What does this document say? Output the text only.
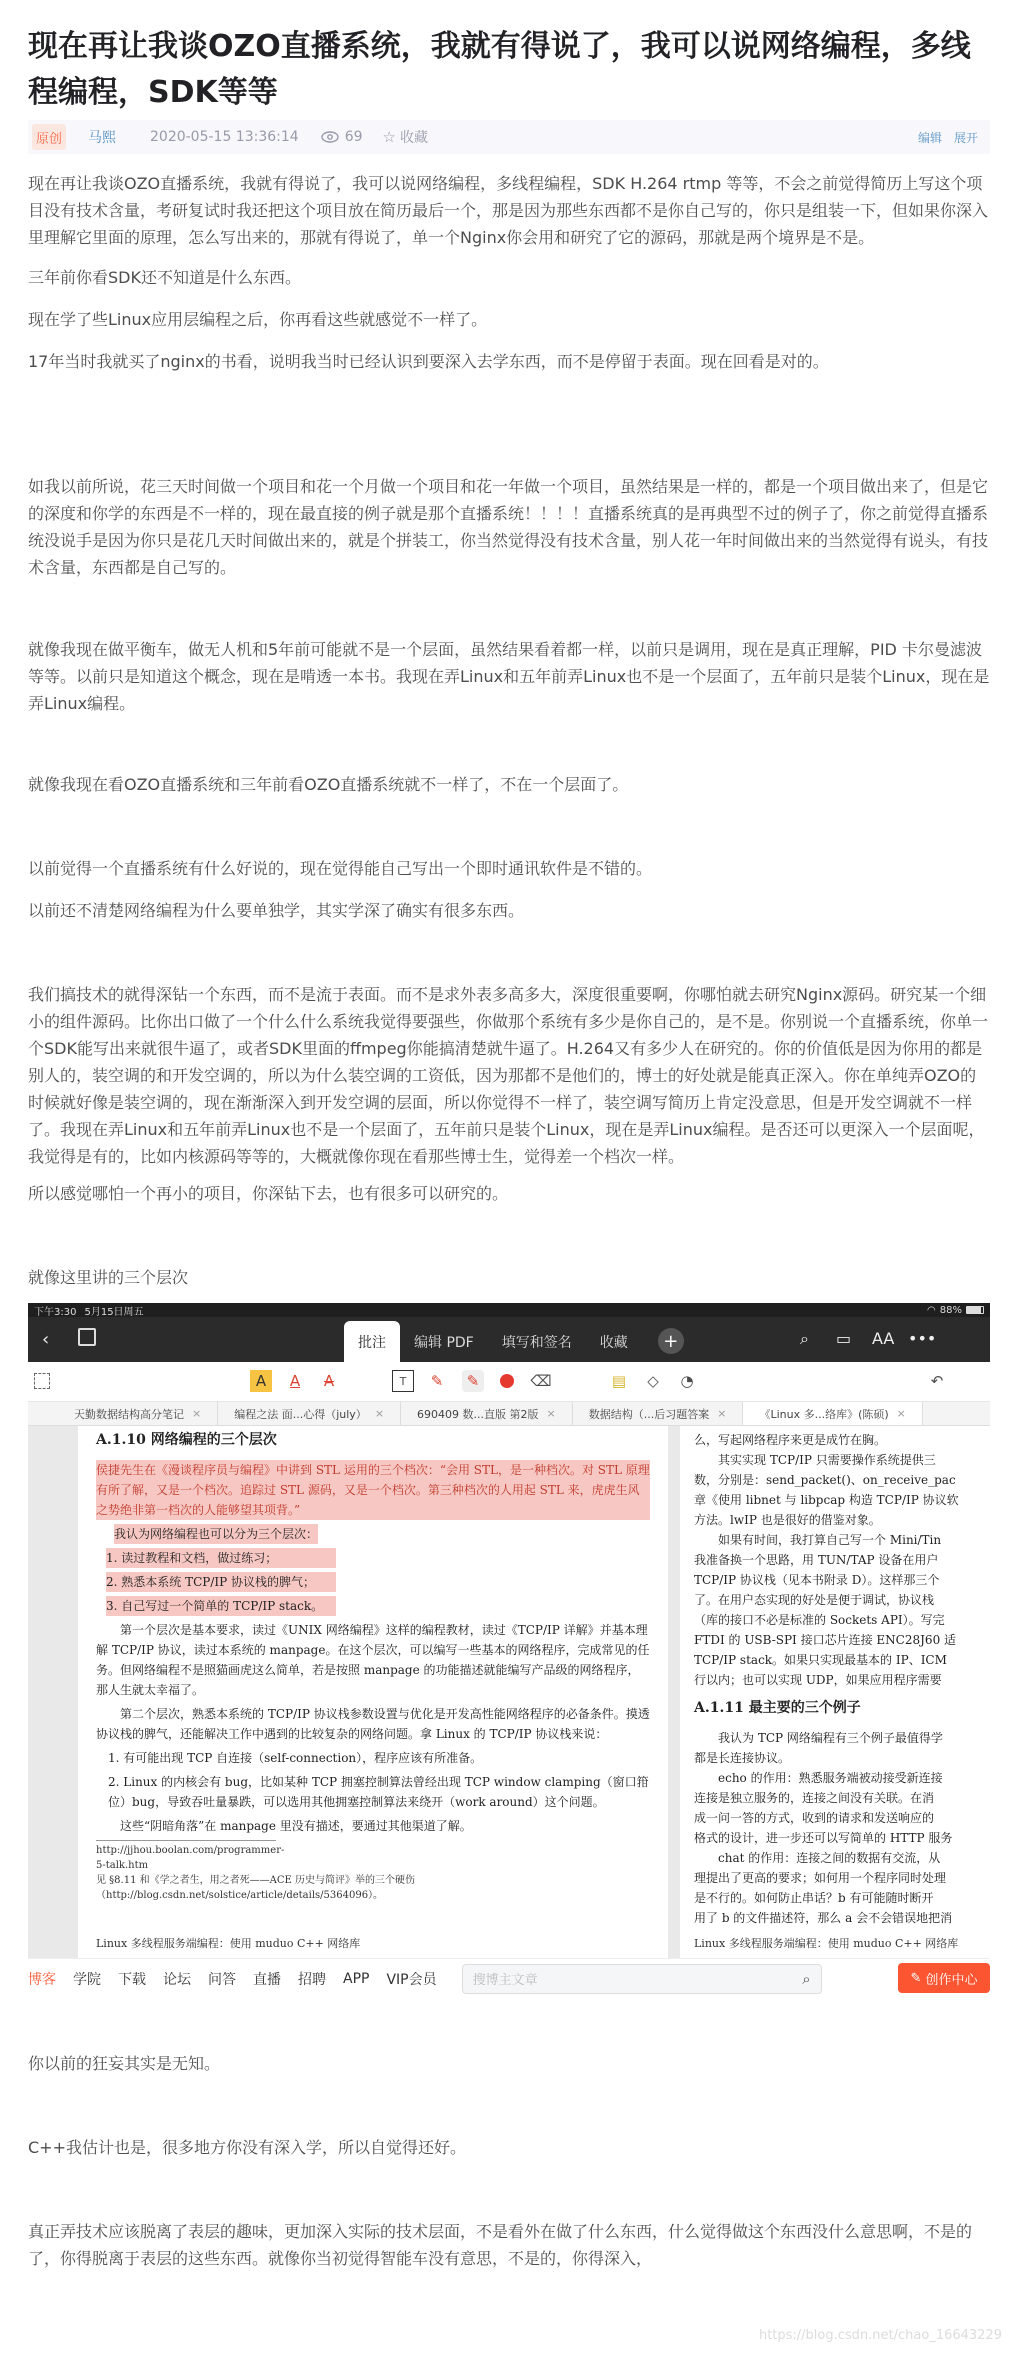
现在再让我谈OZO直播系统，我就有得说了，我可以说网络编程，多线程编程，SDK等等
原创 马熙 2020-05-15 13:36:14	69 ☆ 收藏	编辑 展开
现在再让我谈OZO直播系统，我就有得说了，我可以说网络编程，多线程编程，SDK H.264 rtmp 等等，不会之前觉得简历上写这个项目没有技术含量，考研复试时我还把这个项目放在简历最后一个，那是因为那些东西都不是你自己写的，你只是组装一下，但如果你深入里理解它里面的原理，怎么写出来的，那就有得说了，单一个Nginx你会用和研究了它的源码，那就是两个境界是不是。
三年前你看SDK还不知道是什么东西。
现在学了些Linux应用层编程之后，你再看这些就感觉不一样了。
17年当时我就买了nginx的书看，说明我当时已经认识到要深入去学东西，而不是停留于表面。现在回看是对的。
如我以前所说，花三天时间做一个项目和花一个月做一个项目和花一年做一个项目，虽然结果是一样的，都是一个项目做出来了，但是它的深度和你学的东西是不一样的，现在最直接的例子就是那个直播系统！！！！直播系统真的是再典型不过的例子了，你之前觉得直播系统没说手是因为你只是花几天时间做出来的，就是个拼装工，你当然觉得没有技术含量，别人花一年时间做出来的当然觉得有说头，有技术含量，东西都是自己写的。
就像我现在做平衡车，做无人机和5年前可能就不是一个层面，虽然结果看着都一样，以前只是调用，现在是真正理解，PID 卡尔曼滤波等等。以前只是知道这个概念，现在是啃透一本书。我现在弄Linux和五年前弄Linux也不是一个层面了，五年前只是装个Linux，现在是弄Linux编程。
就像我现在看OZO直播系统和三年前看OZO直播系统就不一样了，不在一个层面了。
以前觉得一个直播系统有什么好说的，现在觉得能自己写出一个即时通讯软件是不错的。
以前还不清楚网络编程为什么要单独学，其实学深了确实有很多东西。
我们搞技术的就得深钻一个东西，而不是流于表面。而不是求外表多高多大，深度很重要啊，你哪怕就去研究Nginx源码。研究某一个细小的组件源码。比你出口做了一个什么什么系统我觉得要强些，你做那个系统有多少是你自己的，是不是。你别说一个直播系统，你单一个SDK能写出来就很牛逼了，或者SDK里面的ffmpeg你能搞清楚就牛逼了。H.264又有多少人在研究的。你的价值低是因为你用的都是别人的，装空调的和开发空调的，所以为什么装空调的工资低，因为那都不是他们的，博士的好处就是能真正深入。你在单纯弄OZO的时候就好像是装空调的，现在渐渐深入到开发空调的层面，所以你觉得不一样了，装空调写简历上肯定没意思，但是开发空调就不一样了。我现在弄Linux和五年前弄Linux也不是一个层面了，五年前只是装个Linux，现在是弄Linux编程。是否还可以更深入一个层面呢，我觉得是有的，比如内核源码等等的，大概就像你现在看那些博士生，觉得差一个档次一样。
所以感觉哪怕一个再小的项目，你深钻下去，也有很多可以研究的。
就像这里讲的三个层次
下午3:30 5月15日周五	◠ 88%
‹	批注	编辑 PDF	填写和签名	收藏	+	⌕ ▭ AA •••
A	A	A	T	✎	✎	⌫	▤	◇	◔	↶
天勤数据结构高分笔记 ×	编程之法 面...心得（july） ×	690409 数...直版 第2版 ×	数据结构（...后习题答案 ×	《Linux 多...络库》(陈硕) ×
A.1.10 网络编程的三个层次

侯捷先生在《漫谈程序员与编程》中讲到 STL 运用的三个档次：“会用 STL，是一种档次。对 STL 原理有所了解，又是一个档次。追踪过 STL 源码，又是一个档次。第三种档次的人用起 STL 来，虎虎生风之势绝非第一档次的人能够望其项背。”

我认为网络编程也可以分为三个层次：

1. 读过教程和文档，做过练习；

2. 熟悉本系统 TCP/IP 协议栈的脾气；

3. 自己写过一个简单的 TCP/IP stack。

第一个层次是基本要求，读过《UNIX 网络编程》这样的编程教材，读过《TCP/IP 详解》并基本理解 TCP/IP 协议，读过本系统的 manpage。在这个层次，可以编写一些基本的网络程序，完成常见的任务。但网络编程不是照猫画虎这么简单，若是按照 manpage 的功能描述就能编写产品级的网络程序，那人生就太幸福了。

第二个层次，熟悉本系统的 TCP/IP 协议栈参数设置与优化是开发高性能网络程序的必备条件。摸透协议栈的脾气，还能解决工作中遇到的比较复杂的网络问题。拿 Linux 的 TCP/IP 协议栈来说：

1. 有可能出现 TCP 自连接（self-connection），程序应该有所准备。

2. Linux 的内核会有 bug，比如某种 TCP 拥塞控制算法曾经出现 TCP window clamping（窗口箝位）bug，导致吞吐量暴跌，可以选用其他拥塞控制算法来绕开（work around）这个问题。

这些“阴暗角落”在 manpage 里没有描述，要通过其他渠道了解。

http://jjhou.boolan.com/programmer-5-talk.htm
见 §8.11 和《学之者生，用之者死——ACE 历史与简评》举的三个硬伤（http://blog.csdn.net/solstice/article/details/5364096）。
Linux 多线程服务端编程：使用 muduo C++ 网络库
么，写起网络程序来更是成竹在胸。
其实实现 TCP/IP 只需要操作系统提供三
数，分别是：send_packet()、on_receive_pac
章《使用 libnet 与 libpcap 构造 TCP/IP 协议软
方法。lwIP 也是很好的借鉴对象。
如果有时间，我打算自己写一个 Mini/Tin
我准备换一个思路，用 TUN/TAP 设备在用户
TCP/IP 协议栈（见本书附录 D）。这样那三个
了。在用户态实现的好处是便于调试，协议栈
（库的接口不必是标准的 Sockets API）。写完
FTDI 的 USB-SPI 接口芯片连接 ENC28J60 适
TCP/IP stack。如果只实现最基本的 IP、ICM
行以内；也可以实现 UDP，如果应用程序需要
A.1.11 最主要的三个例子
我认为 TCP 网络编程有三个例子最值得学
都是长连接协议。
echo 的作用：熟悉服务端被动接受新连接
连接是独立服务的，连接之间没有关联。在消
成一问一答的方式，收到的请求和发送响应的
格式的设计，进一步还可以写简单的 HTTP 服务
chat 的作用：连接之间的数据有交流，从
理提出了更高的要求；如何用一个程序同时处理
是不行的。如何防止串话？b 有可能随时断开
用了 b 的文件描述符，那么 a 会不会错误地把消
Linux 多线程服务端编程：使用 muduo C++ 网络库
博客 学院 下载 论坛 问答 直播 招聘 APP VIP会员	搜博主文章	⌕	✎ 创作中心
你以前的狂妄其实是无知。
C++我估计也是，很多地方你没有深入学，所以自觉得还好。
真正弄技术应该脱离了表层的趣味，更加深入实际的技术层面，不是看外在做了什么东西，什么觉得做这个东西没什么意思啊，不是的了，你得脱离于表层的这些东西。就像你当初觉得智能车没有意思，不是的，你得深入，
https://blog.csdn.net/chao_16643229
